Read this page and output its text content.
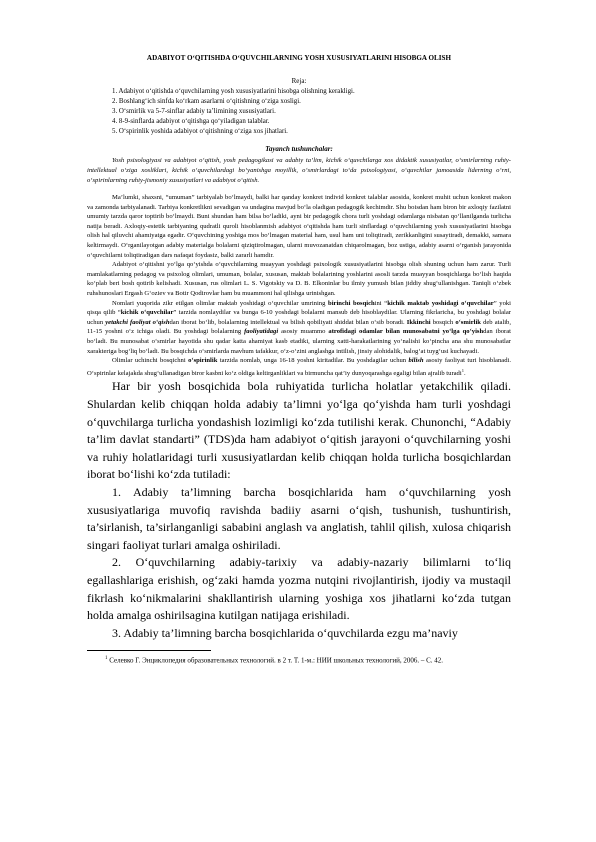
ADABIYOT O‘QITISHDA O‘QUVCHILARNING YOSH XUSUSIYATLARINI HISOBGA OLISH
Reja:
1. Adabiyot o‘qitishda o‘quvchilarning yosh xususiyatlarini hisobga olishning kerakligi.
2. Boshlang‘ich sinfda ko‘rkam asarlarni o‘qitishning o‘ziga xosligi.
3. O‘smirlik va 5-7-sinflar adabiy ta’limining xususiyatlari.
4. 8-9-sinflarda adabiyot o‘qitishga qo‘yiladigan talablar.
5. O‘spirinlik yoshida adabiyot o‘qitishning o‘ziga xos jihatlari.
Tayanch tushunchalar:

Yosh psixologiyasi va adabiyot o‘qitish, yosh pedagogikasi va adabiy ta’lim, kichik o‘quvchilarga xos didaktik xususiyatlar, o‘smirlarning ruhiy-intellektual o‘ziga xosliklari, kichik o‘quvchilardagi bo‘yanishga moyillik, o‘smirlardagi to‘da psixologiyasi, o‘quvchilar jamoasida liderning o‘rni, o‘spirinlarning ruhiy-jismoniy xususiyatlari va adabiyot o‘qitish.

Ma’lumki, shaxsni, “umuman” tarbiyalab bo‘lmaydi, balki har qanday konkret individ konkret talablar asosida, konkret muhit uchun konkret makon va zamonda tarbiyalanadi. Tarbiya konkretlikni sevadigan va undagina mavjud bo‘la oladigan pedagogik kechimdir. Shu boisdan ham biron bir axloqiy fazilatni umumiy tarzda qaror toptirib bo‘lmaydi. Buni shundan ham bilsa bo‘ladiki, ayni bir pedagogik chora turli yoshdagi odamlarga nisbatan qo‘llanilganda turlicha natija beradi. Axloqiy-estetik tarbiyaning qudratli quroli hisoblanmish adabiyot o‘qitishda ham turli sinflardagi o‘quvchilarning yosh xususiyatlarini hisobga olish hal qiluvchi ahamiyatga egadir. O‘quvchining yoshiga mos bo‘lmagan material ham, usul ham uni toliqtiradi, zerikkanligini susaytiradi, demakki, samara keltirmaydi. O‘rganilayotgan adabiy materialga bolalarni qiziqtirolmagan, ularni muvozanatdan chiqarolmagan, boz ustiga, adabiy asarni o‘rganish jarayonida o‘quvchilarni toliqtiradigan dars nafaqat foydasiz, balki zararli hamdir.

Adabiyot o‘qitishni yo‘lga qo‘yishda o‘quvchilarning muayyan yoshdagi psixologik xususiyatlarini hisobga olish shuning uchun ham zarur. Turli mamlakatlarning pedagog va psixolog olimlari, umuman, bolalar, xususan, maktab bolalarining yoshlarini asosli tarzda muayyan bosqichlarga bo‘lish haqida ko‘plab beri bosh qotirib kelishadi. Xususan, rus olimlari L. S. Vigotskiy va D. B. Elkoninlar bu ilmiy yumush bilan jiddiy shug‘ullanishgan. Taniqli o‘zbek ruhshunoslari Ergash G‘oziev va Botir Qodirovlar ham bu muammoni hal qilishga urinishgan.

Nomlari yuqorida zikr etilgan olimlar maktab yoshidagi o‘quvchilar umrining birinchi bosqichini “kichik maktab yoshidagi o‘quvchilar” yoki qisqa qilib “kichik o‘quvchilar” tarzida nomlaydilar va bunga 6-10 yoshdagi bolalarni mansub deb hisoblaydilar. Ularning fikrlaricha, bu yoshdagi bolalar uchun yetakchi faoliyat o‘qishdan iborat bo‘lib, bolalarning intellektual va bilish qobiliyati shiddat bilan o‘sib boradi. Ikkinchi bosqich o‘smirlik deb atalib, 11-15 yoshni o‘z ichiga oladi. Bu yoshdagi bolalarning faoliyatidagi asosiy muammo atrofidagi odamlar bilan munosabatni yo‘lga qo‘yishdan iborat bo‘ladi. Bu munosabat o‘smirlar hayotida shu qadar katta ahamiyat kasb etadiki, ularning xatti-harakatlarining yo‘nalishi ko‘pincha ana shu munosabatlar xarakteriga bog‘liq bo‘ladi. Bu bosqichda o‘smirlarda mavhum tafakkur, o‘z-o‘zini anglashga intilish, jinsiy alohidalik, balog‘at tuyg‘usi kuchayadi.

Olimlar uchinchi bosqichni o‘spirinlik tarzida nomlab, unga 16-18 yoshni kiritadilar. Bu yoshdagilar uchun bilish asosiy faoliyat turi hisoblanadi. O‘spirinlar kelajakda shug‘ullanadigan biror kasbni ko‘z oldiga keltirganliklari va birmuncha qat’iy dunyoqarashga egaligi bilan ajralib turadi$^1$.

Har bir yosh bosqichida bola ruhiyatida turlicha holatlar yetakchilik qiladi. Shulardan kelib chiqqan holda adabiy ta’limni yo‘lga qo‘yishda ham turli yoshdagi o‘quvchilarga turlicha yondashish lozimligi ko‘zda tutilishi kerak. Chunonchi, “Adabiy ta’lim davlat standarti” (TDS)da ham adabiyot o‘qitish jarayoni o‘quvchilarning yoshi va ruhiy holatlaridagi turli xususiyatlardan kelib chiqqan holda turlicha bosqichlardan iborat bo‘lishi ko‘zda tutiladi:

1. Adabiy ta’limning barcha bosqichlarida ham o‘quvchilarning yosh xususiyatlariga muvofiq ravishda badiiy asarni o‘qish, tushunish, tushuntirish, ta’sirlanish, ta’sirlanganligi sababini anglash va anglatish, tahlil qilish, xulosa chiqarish singari faoliyat turlari amalga oshiriladi.

2. O‘quvchilarning adabiy-tarixiy va adabiy-nazariy bilimlarni to‘liq egallashlariga erishish, og‘zaki hamda yozma nutqini rivojlantirish, ijodiy va mustaqil fikrlash ko‘nikmalarini shakllantirish ularning yoshiga xos jihatlarni ko‘zda tutgan holda amalga oshirilsagina kutilgan natijaga erishiladi.

3. Adabiy ta’limning barcha bosqichlarida o‘quvchilarda ezgu ma’naviy

$^1$ Селевко Г. Энциклопедия образовательных технологий. в 2 т. Т. 1-м.: НИИ школьных технологий, 2006. – С. 42.
